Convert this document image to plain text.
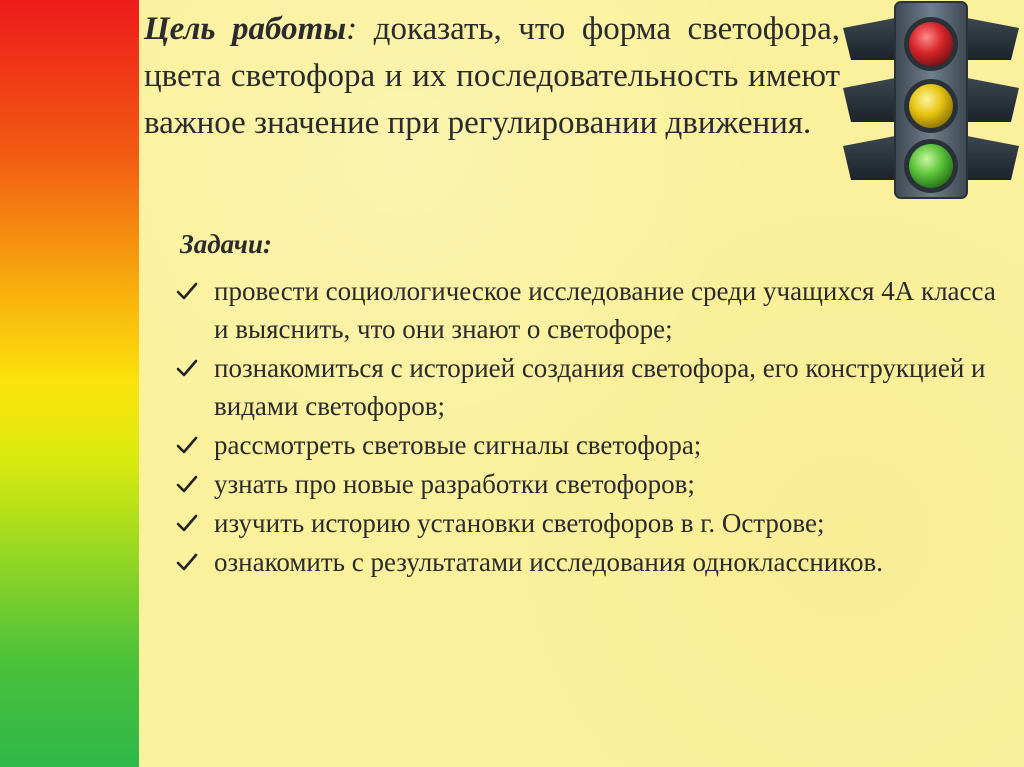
Цель работы: доказать, что форма светофора, цвета светофора и их последовательность имеют важное значение при регулировании движения.
Задачи:
провести социологическое исследование среди учащихся 4А класса и выяснить, что они знают о светофоре;
познакомиться с историей создания светофора, его конструкцией и видами светофоров;
рассмотреть световые сигналы светофора;
узнать про новые разработки светофоров;
изучить историю установки светофоров в г. Острове;
ознакомить с результатами исследования одноклассников.
